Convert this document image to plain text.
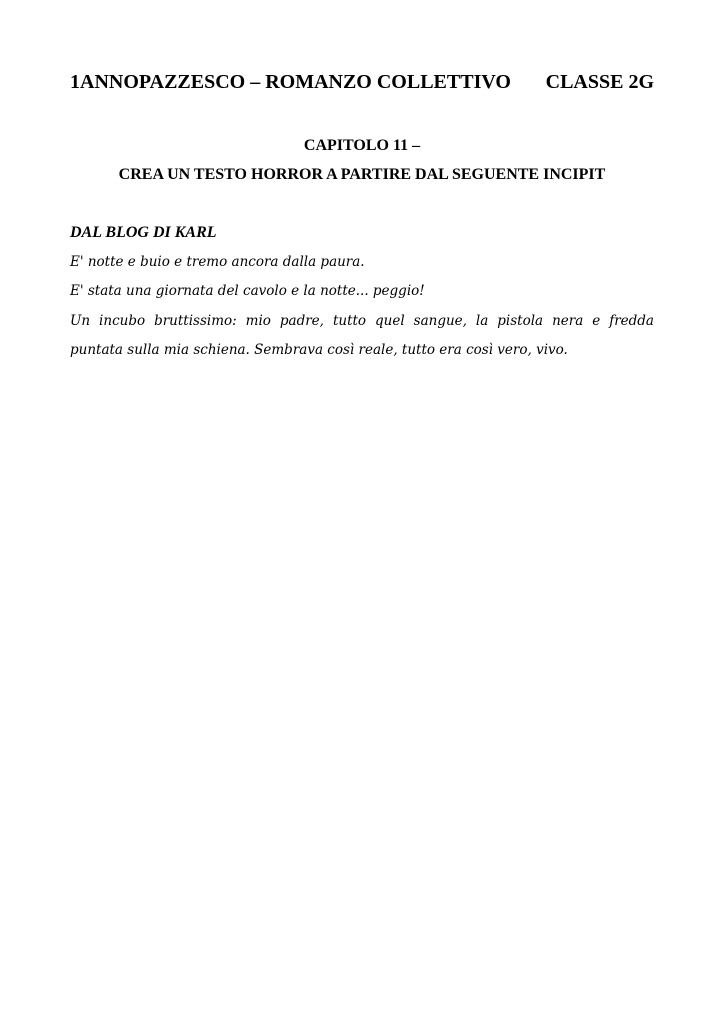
1ANNOPAZZESCO – ROMANZO COLLETTIVO CLASSE 2G
CAPITOLO 11 –
CREA UN TESTO HORROR A PARTIRE DAL SEGUENTE INCIPIT
DAL BLOG DI KARL
E' notte e buio e tremo ancora dalla paura.
E' stata una giornata del cavolo e la notte... peggio!
Un incubo bruttissimo: mio padre, tutto quel sangue, la pistola nera e fredda puntata sulla mia schiena. Sembrava così reale, tutto era così vero, vivo.
